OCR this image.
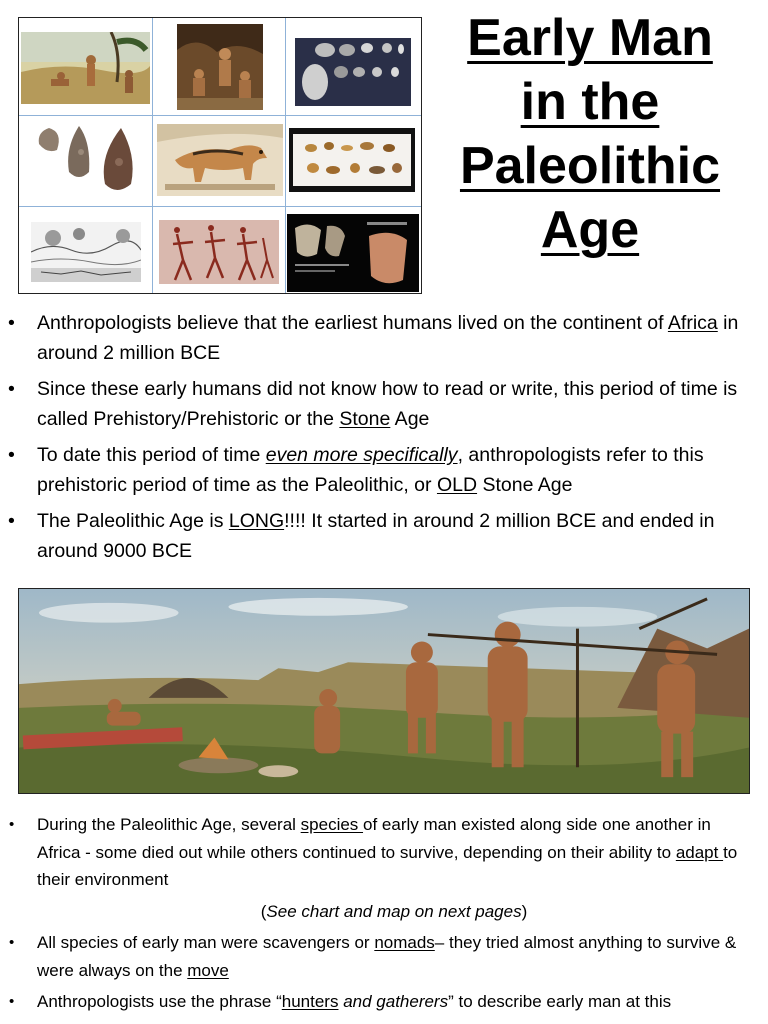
Early Man
in the
Paleolithic
Age
• Anthropologists believe that the earliest humans lived on the continent of Africa in around 2 million BCE
• Since these early humans did not know how to read or write, this period of time is called Prehistory/Prehistoric or the Stone Age
• To date this period of time even more specifically, anthropologists refer to this prehistoric period of time as the Paleolithic, or OLD Stone Age
• The Paleolithic Age is LONG!!!! It started in around 2 million BCE and ended in around 9000 BCE
• During the Paleolithic Age, several species of early man existed along side one another in Africa - some died out while others continued to survive, depending on their ability to adapt to their environment
(See chart and map on next pages)
• All species of early man were scavengers or nomads– they tried almost anything to survive & were always on the move
• Anthropologists use the phrase “hunters and gatherers” to describe early man at this
